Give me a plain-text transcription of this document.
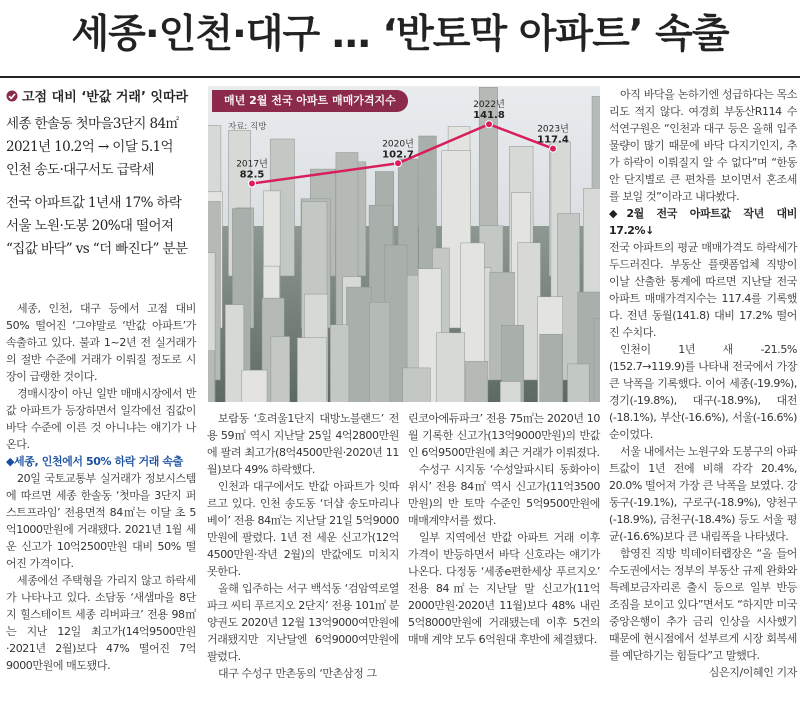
세종·인천·대구 … ‘반토막 아파트’ 속출
고점 대비 ‘반값 거래’ 잇따라
세종 한솔동 첫마을3단지 84㎡
2021년 10.2억 → 이달 5.1억
인천 송도·대구서도 급락세
전국 아파트값 1년새 17% 하락
서울 노원·도봉 20%대 떨어져
“집값 바닥” vs “더 빠진다” 분분
매년 2월 전국 아파트 매매가격지수
자료: 직방
2017년
82.5
2020년
102.7
2022년
141.8
2023년
117.4

세종, 인천, 대구 등에서 고점 대비 50% 떨어진 ‘그야말로 ‘반값 아파트’가 속출하고 있다. 불과 1~2년 전 실거래가의 절반 수준에 거래가 이뤄질 정도로 시장이 급랭한 것이다.

경매시장이 아닌 일반 매매시장에서 반값 아파트가 등장하면서 일각에선 집값이 바닥 수준에 이른 것 아니냐는 얘기가 나온다.

◆세종, 인천에서 50% 하락 거래 속출

20일 국토교통부 실거래가 정보시스템에 따르면 세종 한솔동 ‘첫마을 3단지 퍼스트프라임’ 전용면적 84㎡는 이달 초 5억1000만원에 거래됐다. 2021년 1월 세운 신고가 10억2500만원 대비 50% 떨어진 가격이다.

세종에선 주택형을 가리지 않고 하락세가 나타나고 있다. 소담동 ‘새샘마을 8단지 힐스테이트 세종 리버파크’ 전용 98㎡는 지난 12일 최고가(14억9500만원·2021년 2월)보다 47% 떨어진 7억9000만원에 매도됐다.

보람동 ‘호려울1단지 대방노블랜드’ 전용 59㎡ 역시 지난달 25일 4억2800만원에 팔려 최고가(8억4500만원·2020년 11월)보다 49% 하락했다.

인천과 대구에서도 반값 아파트가 잇따르고 있다. 인천 송도동 ‘더샵 송도마리나베이’ 전용 84㎡는 지난달 21일 5억9000만원에 팔렸다. 1년 전 세운 신고가(12억4500만원·작년 2월)의 반값에도 미치지 못한다.

올해 입주하는 서구 백석동 ‘검암역로열파크 씨티 푸르지오 2단지’ 전용 101㎡ 분양권도 2020년 12월 13억9000여만원에 거래됐지만 지난달엔 6억9000여만원에 팔렸다.

대구 수성구 만촌동의 ‘만촌삼정 그

린코아에듀파크’ 전용 75㎡는 2020년 10월 기록한 신고가(13억9000만원)의 반값인 6억9500만원에 최근 거래가 이뤄졌다.

수성구 시지동 ‘수성알파시티 동화아이위시’ 전용 84㎡ 역시 신고가(11억3500만원)의 반 토막 수준인 5억9500만원에 매매계약서를 썼다.

일부 지역에선 반값 아파트 거래 이후 가격이 반등하면서 바닥 신호라는 얘기가 나온다. 다정동 ‘세종e편한세상 푸르지오’ 전용 84㎡는 지난달 말 신고가(11억2000만원·2020년 11월)보다 48% 내린 5억8000만원에 거래됐는데 이후 5건의 매매 계약 모두 6억원대 후반에 체결됐다.

아직 바닥을 논하기엔 성급하다는 목소리도 적지 않다. 여경희 부동산R114 수석연구원은 “인천과 대구 등은 올해 입주 물량이 많기 때문에 바닥 다지기인지, 추가 하락이 이뤄질지 알 수 없다”며 “한동안 단지별로 큰 편차를 보이면서 혼조세를 보일 것”이라고 내다봤다.

◆2월 전국 아파트값 작년 대비 17.2%↓

전국 아파트의 평균 매매가격도 하락세가 두드러진다. 부동산 플랫폼업체 직방이 이날 산출한 통계에 따르면 지난달 전국 아파트 매매가격지수는 117.4를 기록했다. 전년 동월(141.8) 대비 17.2% 떨어진 수치다.

인천이 1년 새 -21.5%(152.7→119.9)를 나타내 전국에서 가장 큰 낙폭을 기록했다. 이어 세종(-19.9%), 경기(-19.8%), 대구(-18.9%), 대전(-18.1%), 부산(-16.6%), 서울(-16.6%) 순이었다.

서울 내에서는 노원구와 도봉구의 아파트값이 1년 전에 비해 각각 20.4%, 20.0% 떨어져 가장 큰 낙폭을 보였다. 강동구(-19.1%), 구로구(-18.9%), 양천구(-18.9%), 금천구(-18.4%) 등도 서울 평균(-16.6%)보다 큰 내림폭을 나타냈다.

함영진 직방 빅데이터랩장은 “올 들어 수도권에서는 정부의 부동산 규제 완화와 특례보금자리론 출시 등으로 일부 반등 조짐을 보이고 있다”면서도 “하지만 미국 중앙은행이 추가 금리 인상을 시사했기 때문에 현시점에서 섣부르게 시장 회복세를 예단하기는 힘들다”고 말했다.

심은지/이혜인 기자
